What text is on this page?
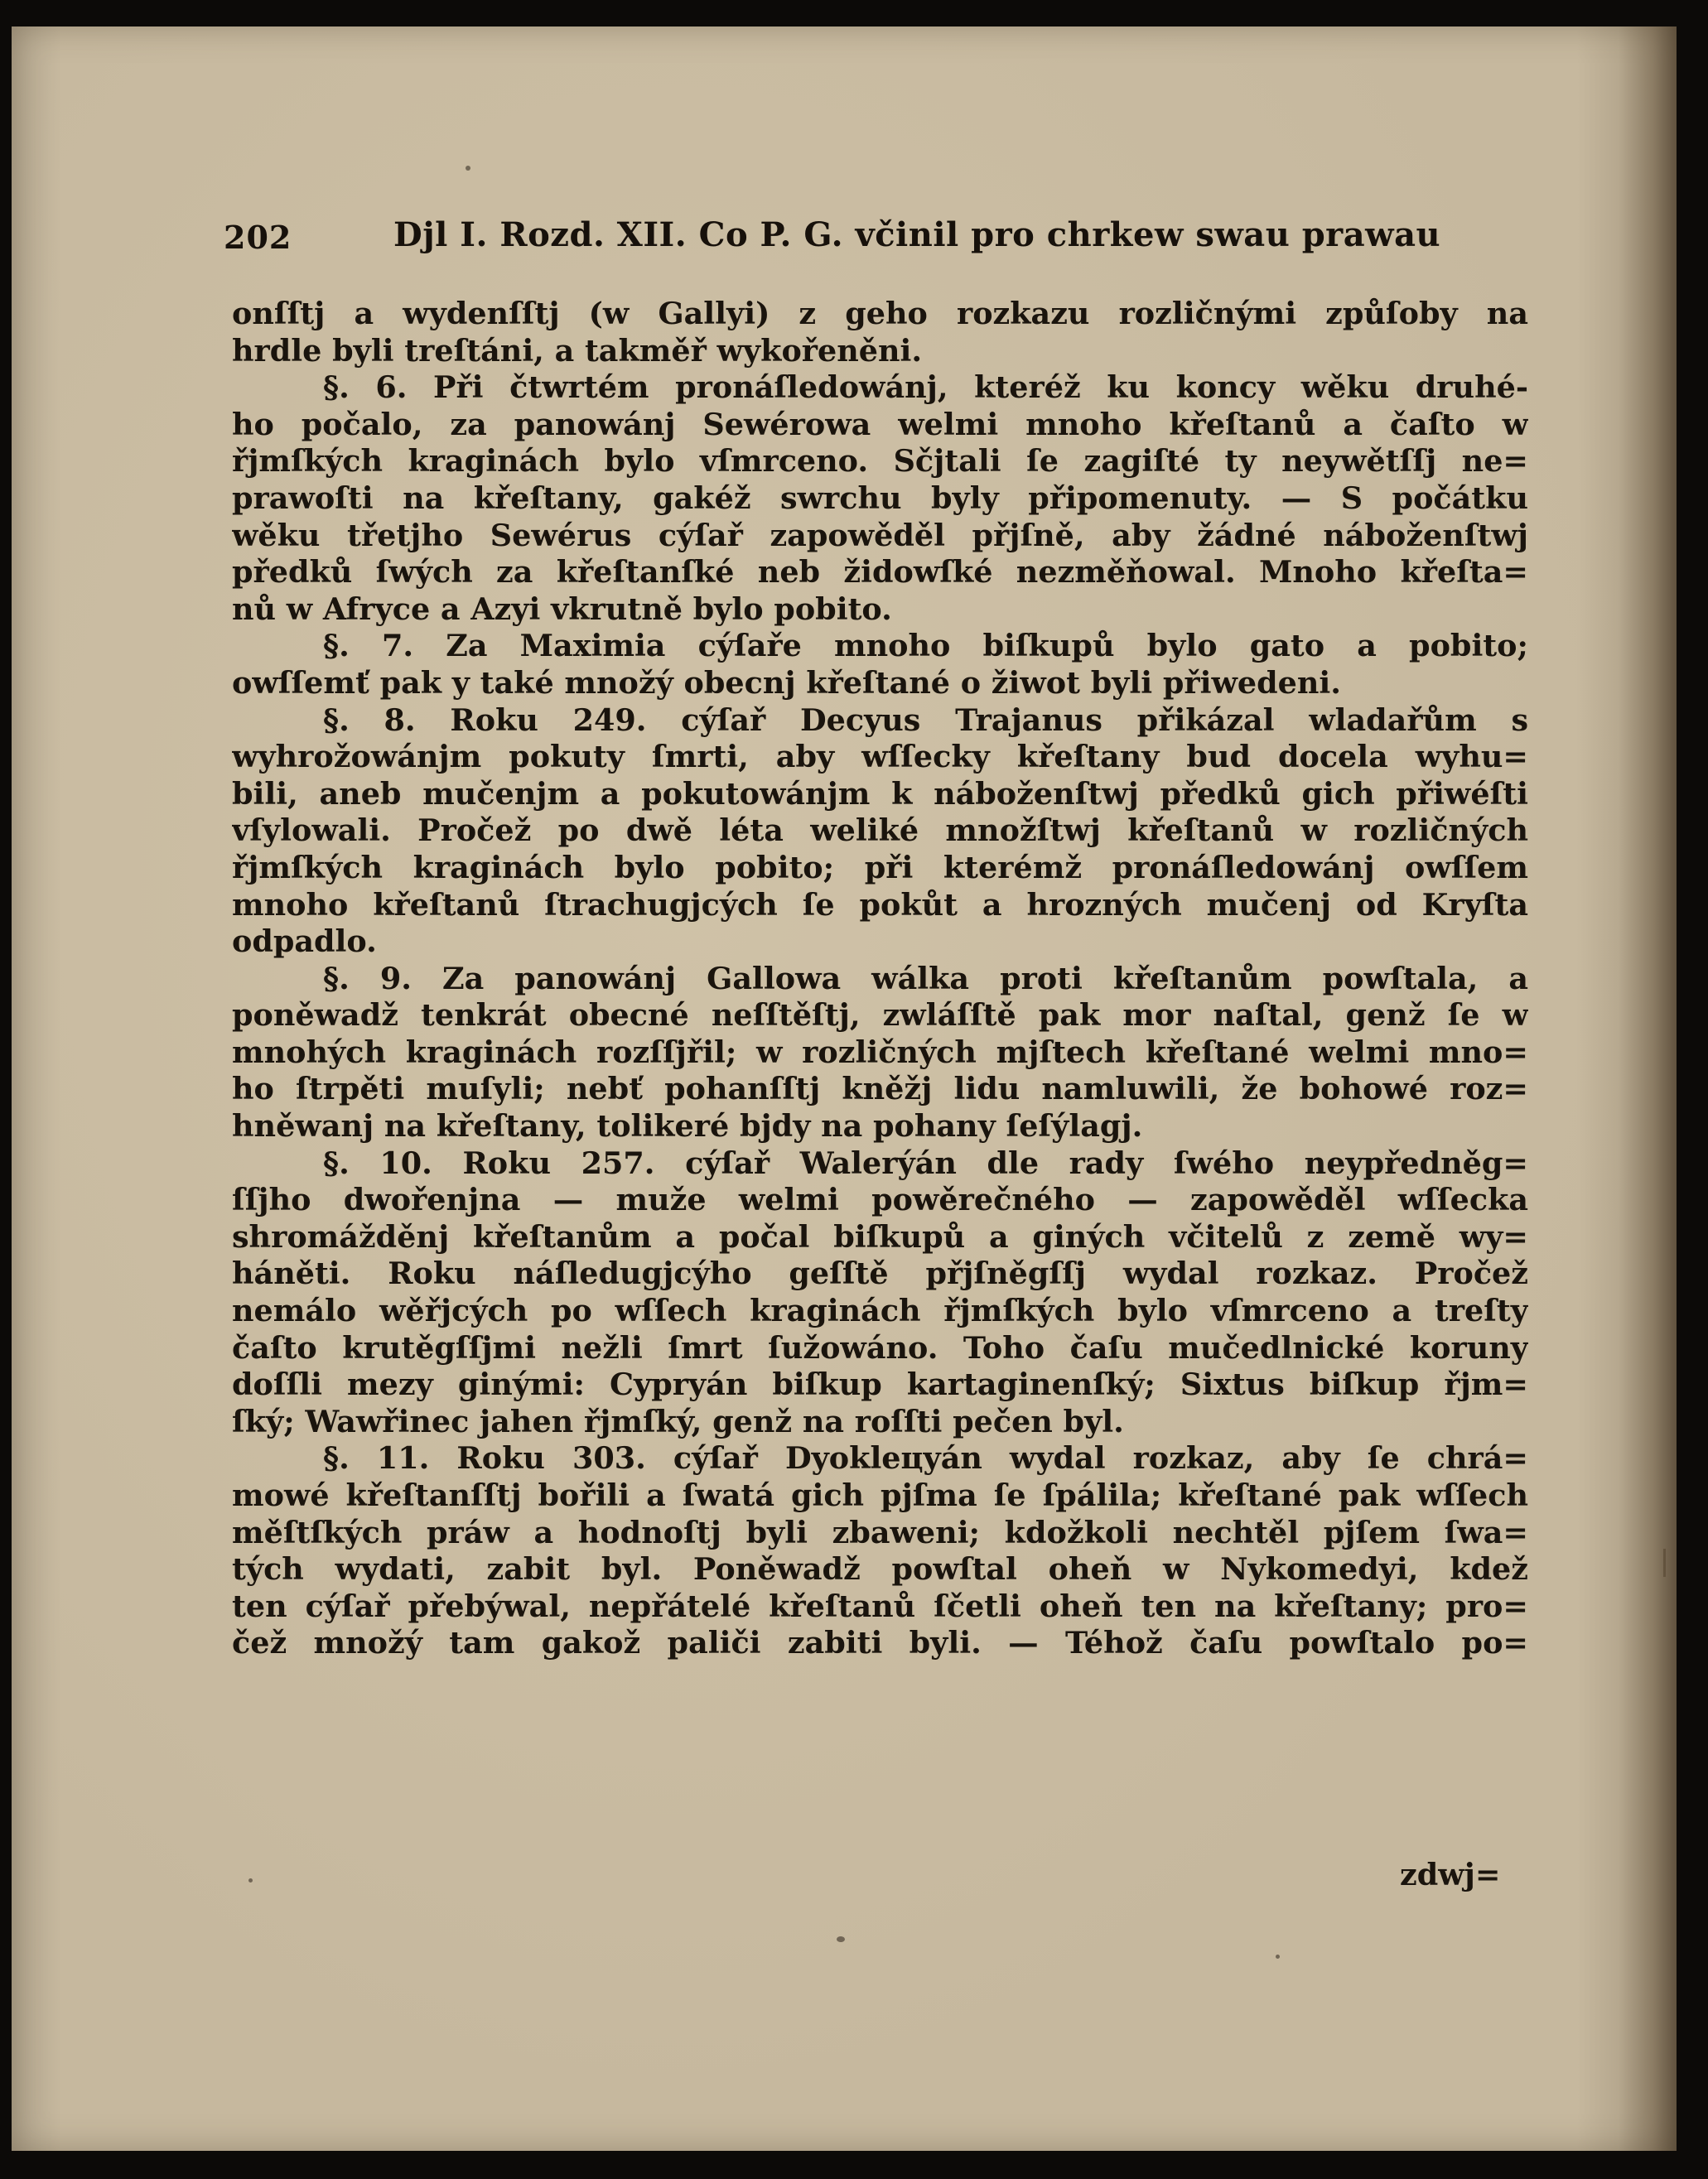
202	Djl I. Rozd. XII. Co P. G. včinil pro chrkew swau prawau
onſſtj a wydenſſtj (w Gallyi) z geho rozkazu rozličnými způſoby na
hrdle byli treſtáni, a takměř wykořeněni.
§. 6. Při čtwrtém pronáſledowánj, kteréž ku koncy wěku druhé-
ho počalo, za panowánj Sewérowa welmi mnoho křeſtanů a čaſto w
řjmſkých kraginách bylo vſmrceno. Sčjtali ſe zagiſté ty neywětſſj ne=
prawoſti na křeſtany, gakéž swrchu byly připomenuty. — S počátku
wěku třetjho Sewérus cýſař zapowěděl přjſně, aby žádné náboženſtwj
předků ſwých za křeſtanſké neb židowſké nezměňowal. Mnoho křeſta=
nů w Afrycе a Azyi vkrutně bylo pobito.
§. 7. Za Maximia cýſaře mnoho biſkupů bylo gato a pobito;
owſſemť pak y také množý obecnj křeſtané o žiwot byli přiwedeni.
§. 8. Roku 249. cýſař Decyus Trajanus přikázal wladařům s
wyhrožowánjm pokuty ſmrti, aby wſſecky křeſtany bud docela wyhu=
bili, aneb mučenjm a pokutowánjm k náboženſtwj předků gich přiwéſti
vſylowali. Pročež po dwě léta weliké množſtwj křeſtanů w rozličných
řjmſkých kraginách bylo pobito; při kterémž pronáſledowánj owſſem
mnoho křeſtanů ſtrachugjcých ſe pokůt a hrozných mučenj od Kryſta
odpadlo.
§. 9. Za panowánj Gallowa wálka proti křeſtanům powſtala, a
poněwadž tenkrát obecné neſſtěſtj, zwláſſtě pak mor naſtal, genž ſe w
mnohých kraginách rozſſjřil; w rozličných mjſtech křeſtané welmi mno=
ho ſtrpěti muſyli; nebť pohanſſtj kněžj lidu namluwili, že bohowé roz=
hněwanj na křeſtany, tolikeré bjdy na pohany ſeſýlagj.
§. 10. Roku 257. cýſař Walerýán dle rady ſwého neypředněg=
ſſjho dwořenjna — muže welmi powěrečného — zapowěděl wſſecka
shromážděnj křeſtanům a počal biſkupů a giných včitelů z země wy=
háněti. Roku náſledugjcýho geſſtě přjſněgſſj wydal rozkaz. Pročež
nemálo wěřjcých po wſſech kraginách řjmſkých bylo vſmrceno a treſty
čaſto krutěgſſjmi nežli ſmrt ſužowáno. Toho čaſu mučedlnické koruny
doſſli mezy ginými: Cypryán biſkup kartaginenſký; Sixtus biſkup řjm=
ſký; Wawřinec jahen řjmſký, genž na roſſti pečen byl.
§. 11. Roku 303. cýſař Dyokleцyán wydal rozkaz, aby ſe chrá=
mowé křeſtanſſtj bořili a ſwatá gich pjſma ſe ſpálila; křeſtané pak wſſech
měſtſkých práw a hodnoſtj byli zbaweni; kdožkoli nechtěl pjſem ſwa=
tých wydati, zabit byl. Poněwadž powſtal oheň w Nykomedyi, kdež
ten cýſař přebýwal, nepřátelé křeſtanů ſčetli oheň ten na křeſtany; pro=
čež množý tam gakož paliči zabiti byli. — Téhož čaſu powſtalo po=
zdwj=
